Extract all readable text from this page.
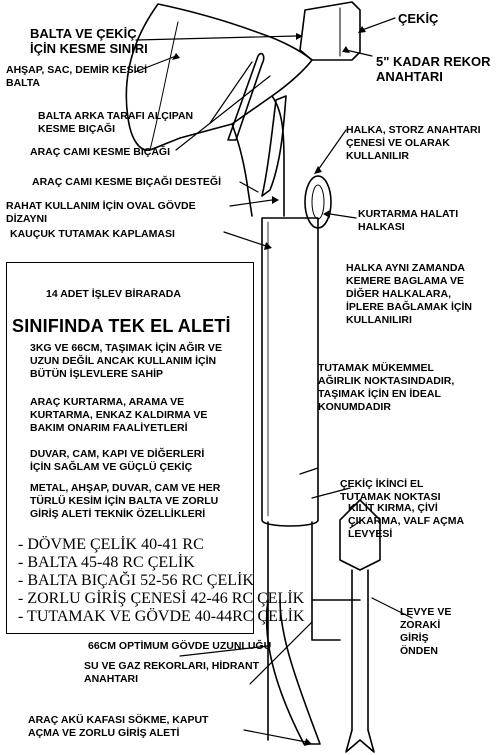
BALTA VE ÇEKİÇ
İÇİN KESME SINIRI

ÇEKİÇ

AHŞAP, SAC, DEMİR KESİCİ
BALTA

5" KADAR REKOR
ANAHTARI

BALTA ARKA TARAFI ALÇIPAN
KESME BIÇAĞI

ARAÇ CAMI KESME BIÇAĞI

HALKA, STORZ ANAHTARI
ÇENESİ VE OLARAK
KULLANILIR

ARAÇ CAMI KESME BIÇAĞI DESTEĞİ

RAHAT KULLANIM İÇİN OVAL GÖVDE
DİZAYNI	KURTARMA HALATI
HALKASI

KAUÇUK TUTAMAK KAPLAMASI

HALKA AYNI ZAMANDA
KEMERE BAGLAMA VE
DİĞER HALKALARA,
İPLERE BAĞLAMAK İÇİN
KULLANILIRI

TUTAMAK MÜKEMMEL
AĞIRLIK NOKTASINDADIR,
TAŞIMAK İÇİN EN İDEAL
KONUMDADIR

ÇEKİÇ İKİNCİ EL
TUTAMAK NOKTASI

KİLİT KIRMA, ÇİVİ
ÇIKARMA, VALF AÇMA
LEVYESİ

LEVYE VE
ZORAKİ
GİRİŞ
ÖNDEN

66CM OPTİMUM GÖVDE UZUNLUĞU

SU VE GAZ REKORLARI, HİDRANT
ANAHTARI

ARAÇ AKÜ KAFASI SÖKME, KAPUT
AÇMA VE ZORLU GİRİŞ ALETİ

14 ADET İŞLEV BİRARADA

SINIFINDA TEK EL ALETİ

3KG VE 66CM, TAŞIMAK İÇİN AĞIR VE
UZUN DEĞİL ANCAK KULLANIM İÇİN
BÜTÜN İŞLEVLERE SAHİP

ARAÇ KURTARMA, ARAMA VE
KURTARMA, ENKAZ KALDIRMA VE
BAKIM ONARIM FAALİYETLERİ

DUVAR, CAM, KAPI VE DİĞERLERİ
İÇİN SAĞLAM VE GÜÇLÜ ÇEKİÇ

METAL, AHŞAP, DUVAR, CAM VE HER
TÜRLÜ KESİM İÇİN BALTA VE ZORLU
GİRİŞ ALETİ TEKNİK ÖZELLİKLERİ

- DÖVME ÇELİK 40-41 RC
- BALTA 45-48 RC ÇELİK
- BALTA BIÇAĞI 52-56 RC ÇELİK
- ZORLU GİRİŞ ÇENESİ 42-46 RC ÇELİK
- TUTAMAK VE GÖVDE 40-44RC ÇELİK
